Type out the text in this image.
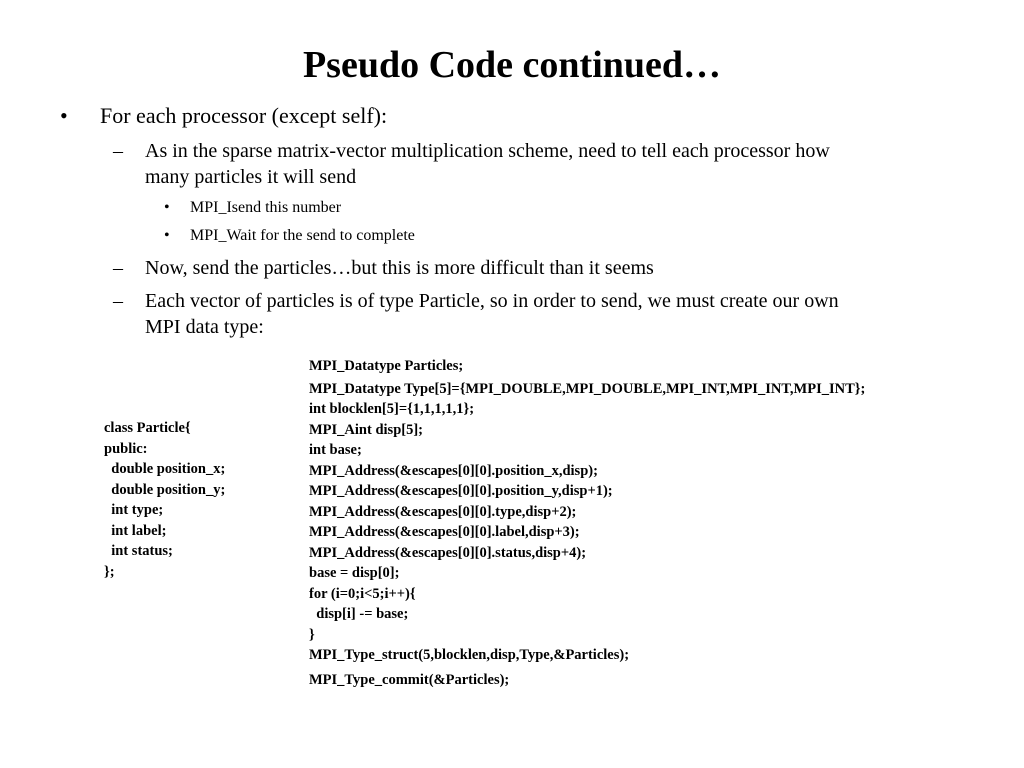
Pseudo Code continued…
• For each processor (except self):
– As in the sparse matrix-vector multiplication scheme, need to tell each processor how
many particles it will send
• MPI_Isend this number
• MPI_Wait for the send to complete
– Now, send the particles…but this is more difficult than it seems
– Each vector of particles is of type Particle, so in order to send, we must create our own
MPI data type:
class Particle{
public:
double position_x;
double position_y;
int type;
int label;
int status;
};
MPI_Datatype Particles;
MPI_Datatype Type[5]={MPI_DOUBLE,MPI_DOUBLE,MPI_INT,MPI_INT,MPI_INT};
int blocklen[5]={1,1,1,1,1};
MPI_Aint disp[5];
int base;
MPI_Address(&escapes[0][0].position_x,disp);
MPI_Address(&escapes[0][0].position_y,disp+1);
MPI_Address(&escapes[0][0].type,disp+2);
MPI_Address(&escapes[0][0].label,disp+3);
MPI_Address(&escapes[0][0].status,disp+4);
base = disp[0];
for (i=0;i<5;i++){
disp[i] -= base;
}
MPI_Type_struct(5,blocklen,disp,Type,&Particles);
MPI_Type_commit(&Particles);
